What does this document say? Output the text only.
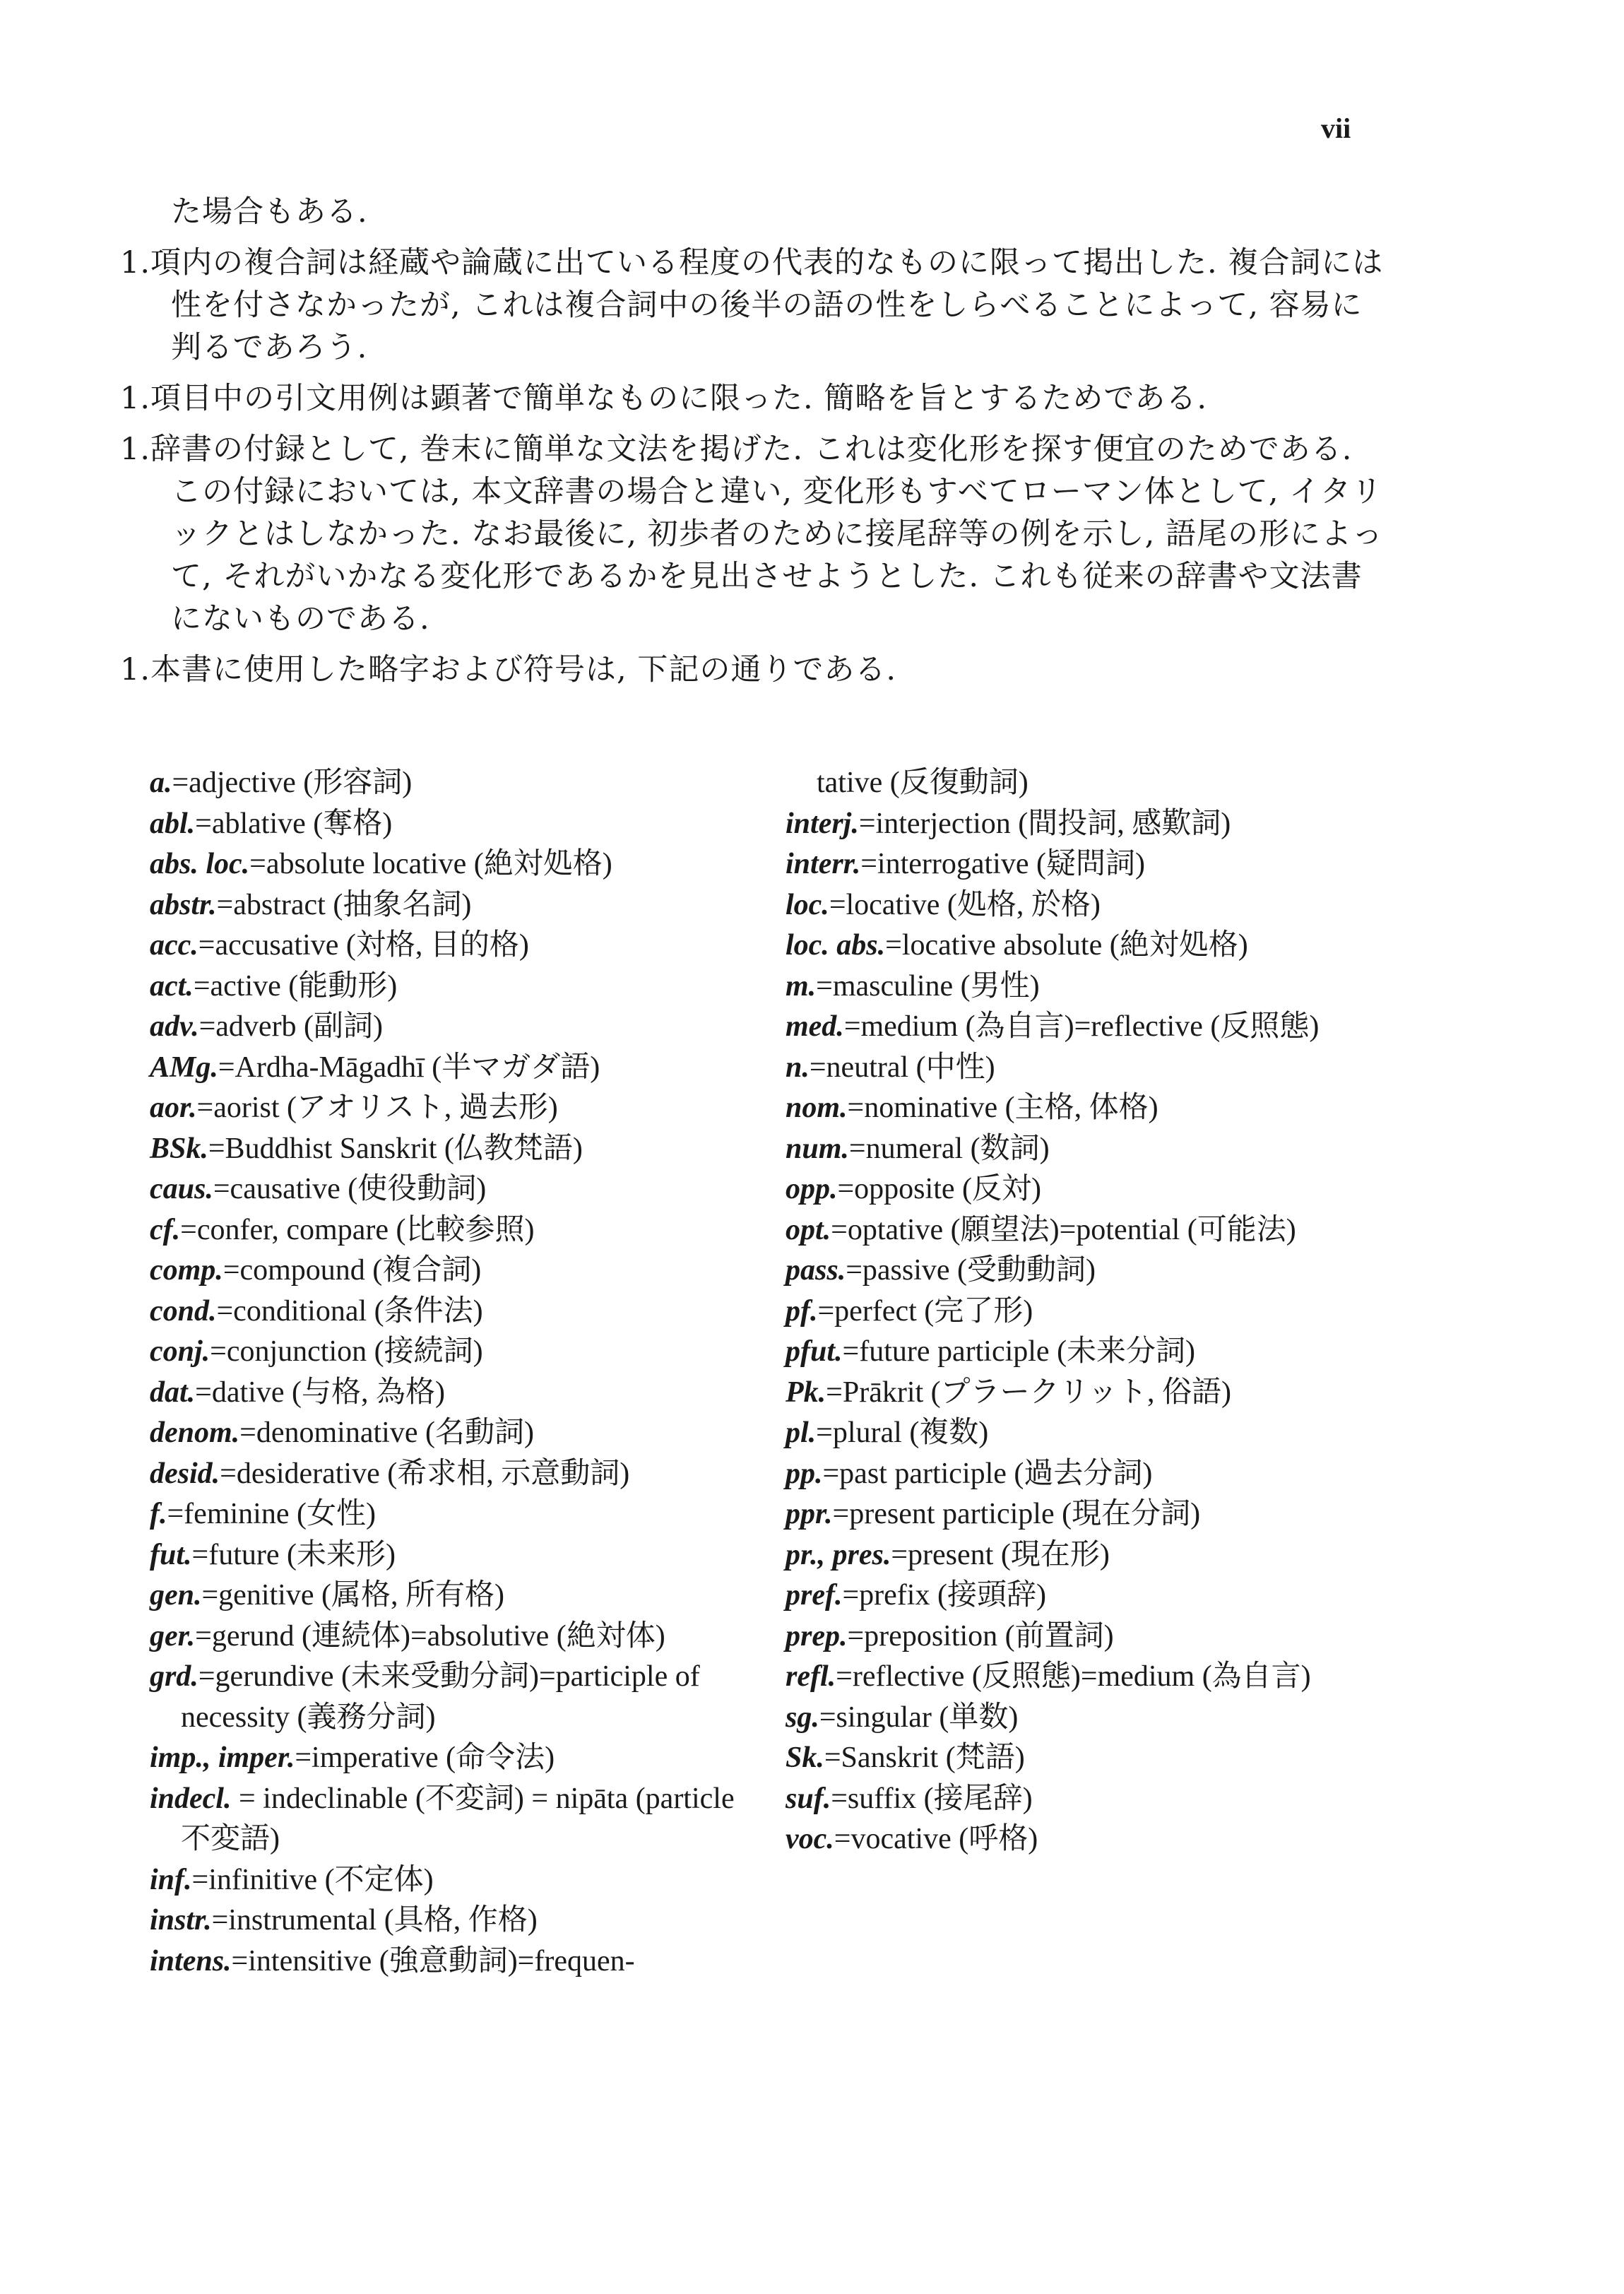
vii

た場合もある.

1.項内の複合詞は経蔵や論蔵に出ている程度の代表的なものに限って掲出した. 複合詞には性を付さなかったが, これは複合詞中の後半の語の性をしらべることによって, 容易に判るであろう.

1.項目中の引文用例は顕著で簡単なものに限った. 簡略を旨とするためである.

1.辞書の付録として, 巻末に簡単な文法を掲げた. これは変化形を探す便宜のためである. この付録においては, 本文辞書の場合と違い, 変化形もすべてローマン体として, イタリックとはしなかった. なお最後に, 初歩者のために接尾辞等の例を示し, 語尾の形によって, それがいかなる変化形であるかを見出させようとした. これも従来の辞書や文法書にないものである.

1.本書に使用した略字および符号は, 下記の通りである.

a.=adjective (形容詞)
abl.=ablative (奪格)
abs. loc.=absolute locative (絶対処格)
abstr.=abstract (抽象名詞)
acc.=accusative (対格, 目的格)
act.=active (能動形)
adv.=adverb (副詞)
AMg.=Ardha-Māgadhī (半マガダ語)
aor.=aorist (アオリスト, 過去形)
BSk.=Buddhist Sanskrit (仏教梵語)
caus.=causative (使役動詞)
cf.=confer, compare (比較参照)
comp.=compound (複合詞)
cond.=conditional (条件法)
conj.=conjunction (接続詞)
dat.=dative (与格, 為格)
denom.=denominative (名動詞)
desid.=desiderative (希求相, 示意動詞)
f.=feminine (女性)
fut.=future (未来形)
gen.=genitive (属格, 所有格)
ger.=gerund (連続体)=absolutive (絶対体)
grd.=gerundive (未来受動分詞)=participle of necessity (義務分詞)
imp., imper.=imperative (命令法)
indecl. = indeclinable (不変詞) = nipāta (particle 不変語)
inf.=infinitive (不定体)
instr.=instrumental (具格, 作格)
intens.=intensitive (強意動詞)=frequen-
tative (反復動詞)
interj.=interjection (間投詞, 感歎詞)
interr.=interrogative (疑問詞)
loc.=locative (処格, 於格)
loc. abs.=locative absolute (絶対処格)
m.=masculine (男性)
med.=medium (為自言)=reflective (反照態)
n.=neutral (中性)
nom.=nominative (主格, 体格)
num.=numeral (数詞)
opp.=opposite (反対)
opt.=optative (願望法)=potential (可能法)
pass.=passive (受動動詞)
pf.=perfect (完了形)
pfut.=future participle (未来分詞)
Pk.=Prākrit (プラークリット, 俗語)
pl.=plural (複数)
pp.=past participle (過去分詞)
ppr.=present participle (現在分詞)
pr., pres.=present (現在形)
pref.=prefix (接頭辞)
prep.=preposition (前置詞)
refl.=reflective (反照態)=medium (為自言)
sg.=singular (単数)
Sk.=Sanskrit (梵語)
suf.=suffix (接尾辞)
voc.=vocative (呼格)
